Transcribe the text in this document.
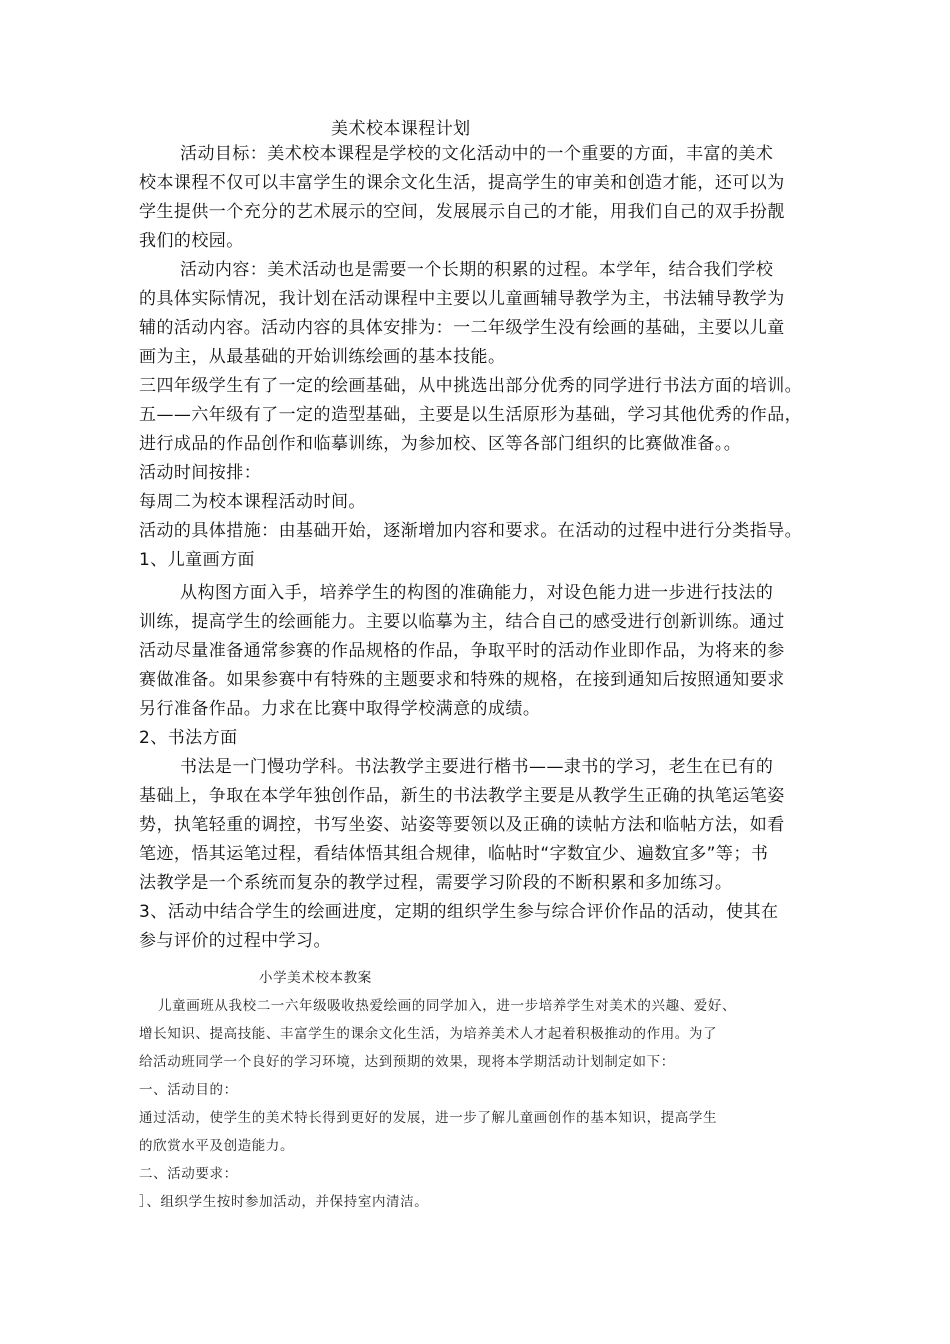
美术校本课程计划

活动目标：美术校本课程是学校的文化活动中的一个重要的方面，丰富的美术

校本课程不仅可以丰富学生的课余文化生活，提高学生的审美和创造才能，还可以为

学生提供一个充分的艺术展示的空间，发展展示自己的才能，用我们自己的双手扮靓

我们的校园。

活动内容：美术活动也是需要一个长期的积累的过程。本学年，结合我们学校

的具体实际情况，我计划在活动课程中主要以儿童画辅导教学为主，书法辅导教学为

辅的活动内容。活动内容的具体安排为：一二年级学生没有绘画的基础，主要以儿童

画为主，从最基础的开始训练绘画的基本技能。

三四年级学生有了一定的绘画基础，从中挑选出部分优秀的同学进行书法方面的培训。

五——六年级有了一定的造型基础，主要是以生活原形为基础，学习其他优秀的作品，

进行成品的作品创作和临摹训练，为参加校、区等各部门组织的比赛做准备。。

活动时间按排：

每周二为校本课程活动时间。

活动的具体措施：由基础开始，逐渐增加内容和要求。在活动的过程中进行分类指导。

1、儿童画方面

从构图方面入手，培养学生的构图的准确能力，对设色能力进一步进行技法的

训练，提高学生的绘画能力。主要以临摹为主，结合自己的感受进行创新训练。通过

活动尽量准备通常参赛的作品规格的作品，争取平时的活动作业即作品，为将来的参

赛做准备。如果参赛中有特殊的主题要求和特殊的规格，在接到通知后按照通知要求

另行准备作品。力求在比赛中取得学校满意的成绩。

2、书法方面

书法是一门慢功学科。书法教学主要进行楷书——隶书的学习，老生在已有的

基础上，争取在本学年独创作品，新生的书法教学主要是从教学生正确的执笔运笔姿

势，执笔轻重的调控，书写坐姿、站姿等要领以及正确的读帖方法和临帖方法，如看

笔迹，悟其运笔过程，看结体悟其组合规律，临帖时“字数宜少、遍数宜多”等；书

法教学是一个系统而复杂的教学过程，需要学习阶段的不断积累和多加练习。

3、活动中结合学生的绘画进度，定期的组织学生参与综合评价作品的活动，使其在

参与评价的过程中学习。

小学美术校本教案

儿童画班从我校二一六年级吸收热爱绘画的同学加入，进一步培养学生对美术的兴趣、爱好、

增长知识、提高技能、丰富学生的课余文化生活，为培养美术人才起着积极推动的作用。为了

给活动班同学一个良好的学习环境，达到预期的效果，现将本学期活动计划制定如下：

一、活动目的：

通过活动，使学生的美术特长得到更好的发展，进一步了解儿童画创作的基本知识，提高学生

的欣赏水平及创造能力。

二、活动要求：

］、组织学生按时参加活动，并保持室内清洁。
